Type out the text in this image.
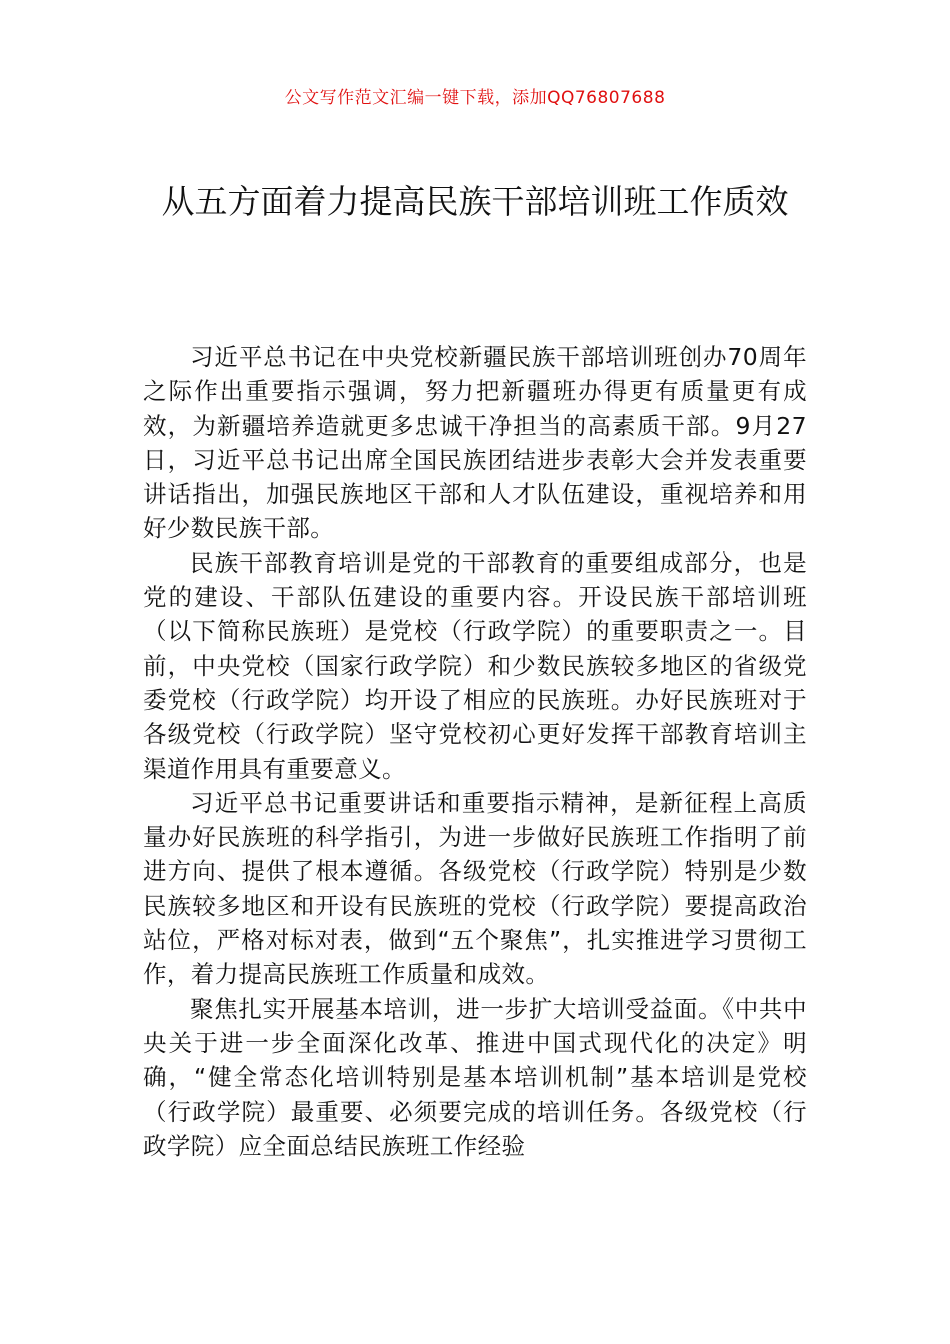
公文写作范文汇编一键下载，添加QQ76807688
从五方面着力提高民族干部培训班工作质效

习近平总书记在中央党校新疆民族干部培训班创办70周年之际作出重要指示强调，努力把新疆班办得更有质量更有成效，为新疆培养造就更多忠诚干净担当的高素质干部。9月27日，习近平总书记出席全国民族团结进步表彰大会并发表重要讲话指出，加强民族地区干部和人才队伍建设，重视培养和用好少数民族干部。

民族干部教育培训是党的干部教育的重要组成部分，也是党的建设、干部队伍建设的重要内容。开设民族干部培训班（以下简称民族班）是党校（行政学院）的重要职责之一。目前，中央党校（国家行政学院）和少数民族较多地区的省级党委党校（行政学院）均开设了相应的民族班。办好民族班对于各级党校（行政学院）坚守党校初心更好发挥干部教育培训主渠道作用具有重要意义。

习近平总书记重要讲话和重要指示精神，是新征程上高质量办好民族班的科学指引，为进一步做好民族班工作指明了前进方向、提供了根本遵循。各级党校（行政学院）特别是少数民族较多地区和开设有民族班的党校（行政学院）要提高政治站位，严格对标对表，做到“五个聚焦”，扎实推进学习贯彻工作，着力提高民族班工作质量和成效。

聚焦扎实开展基本培训，进一步扩大培训受益面。《中共中央关于进一步全面深化改革、推进中国式现代化的决定》明确，“健全常态化培训特别是基本培训机制”基本培训是党校（行政学院）最重要、必须要完成的培训任务。各级党校（行政学院）应全面总结民族班工作经验
